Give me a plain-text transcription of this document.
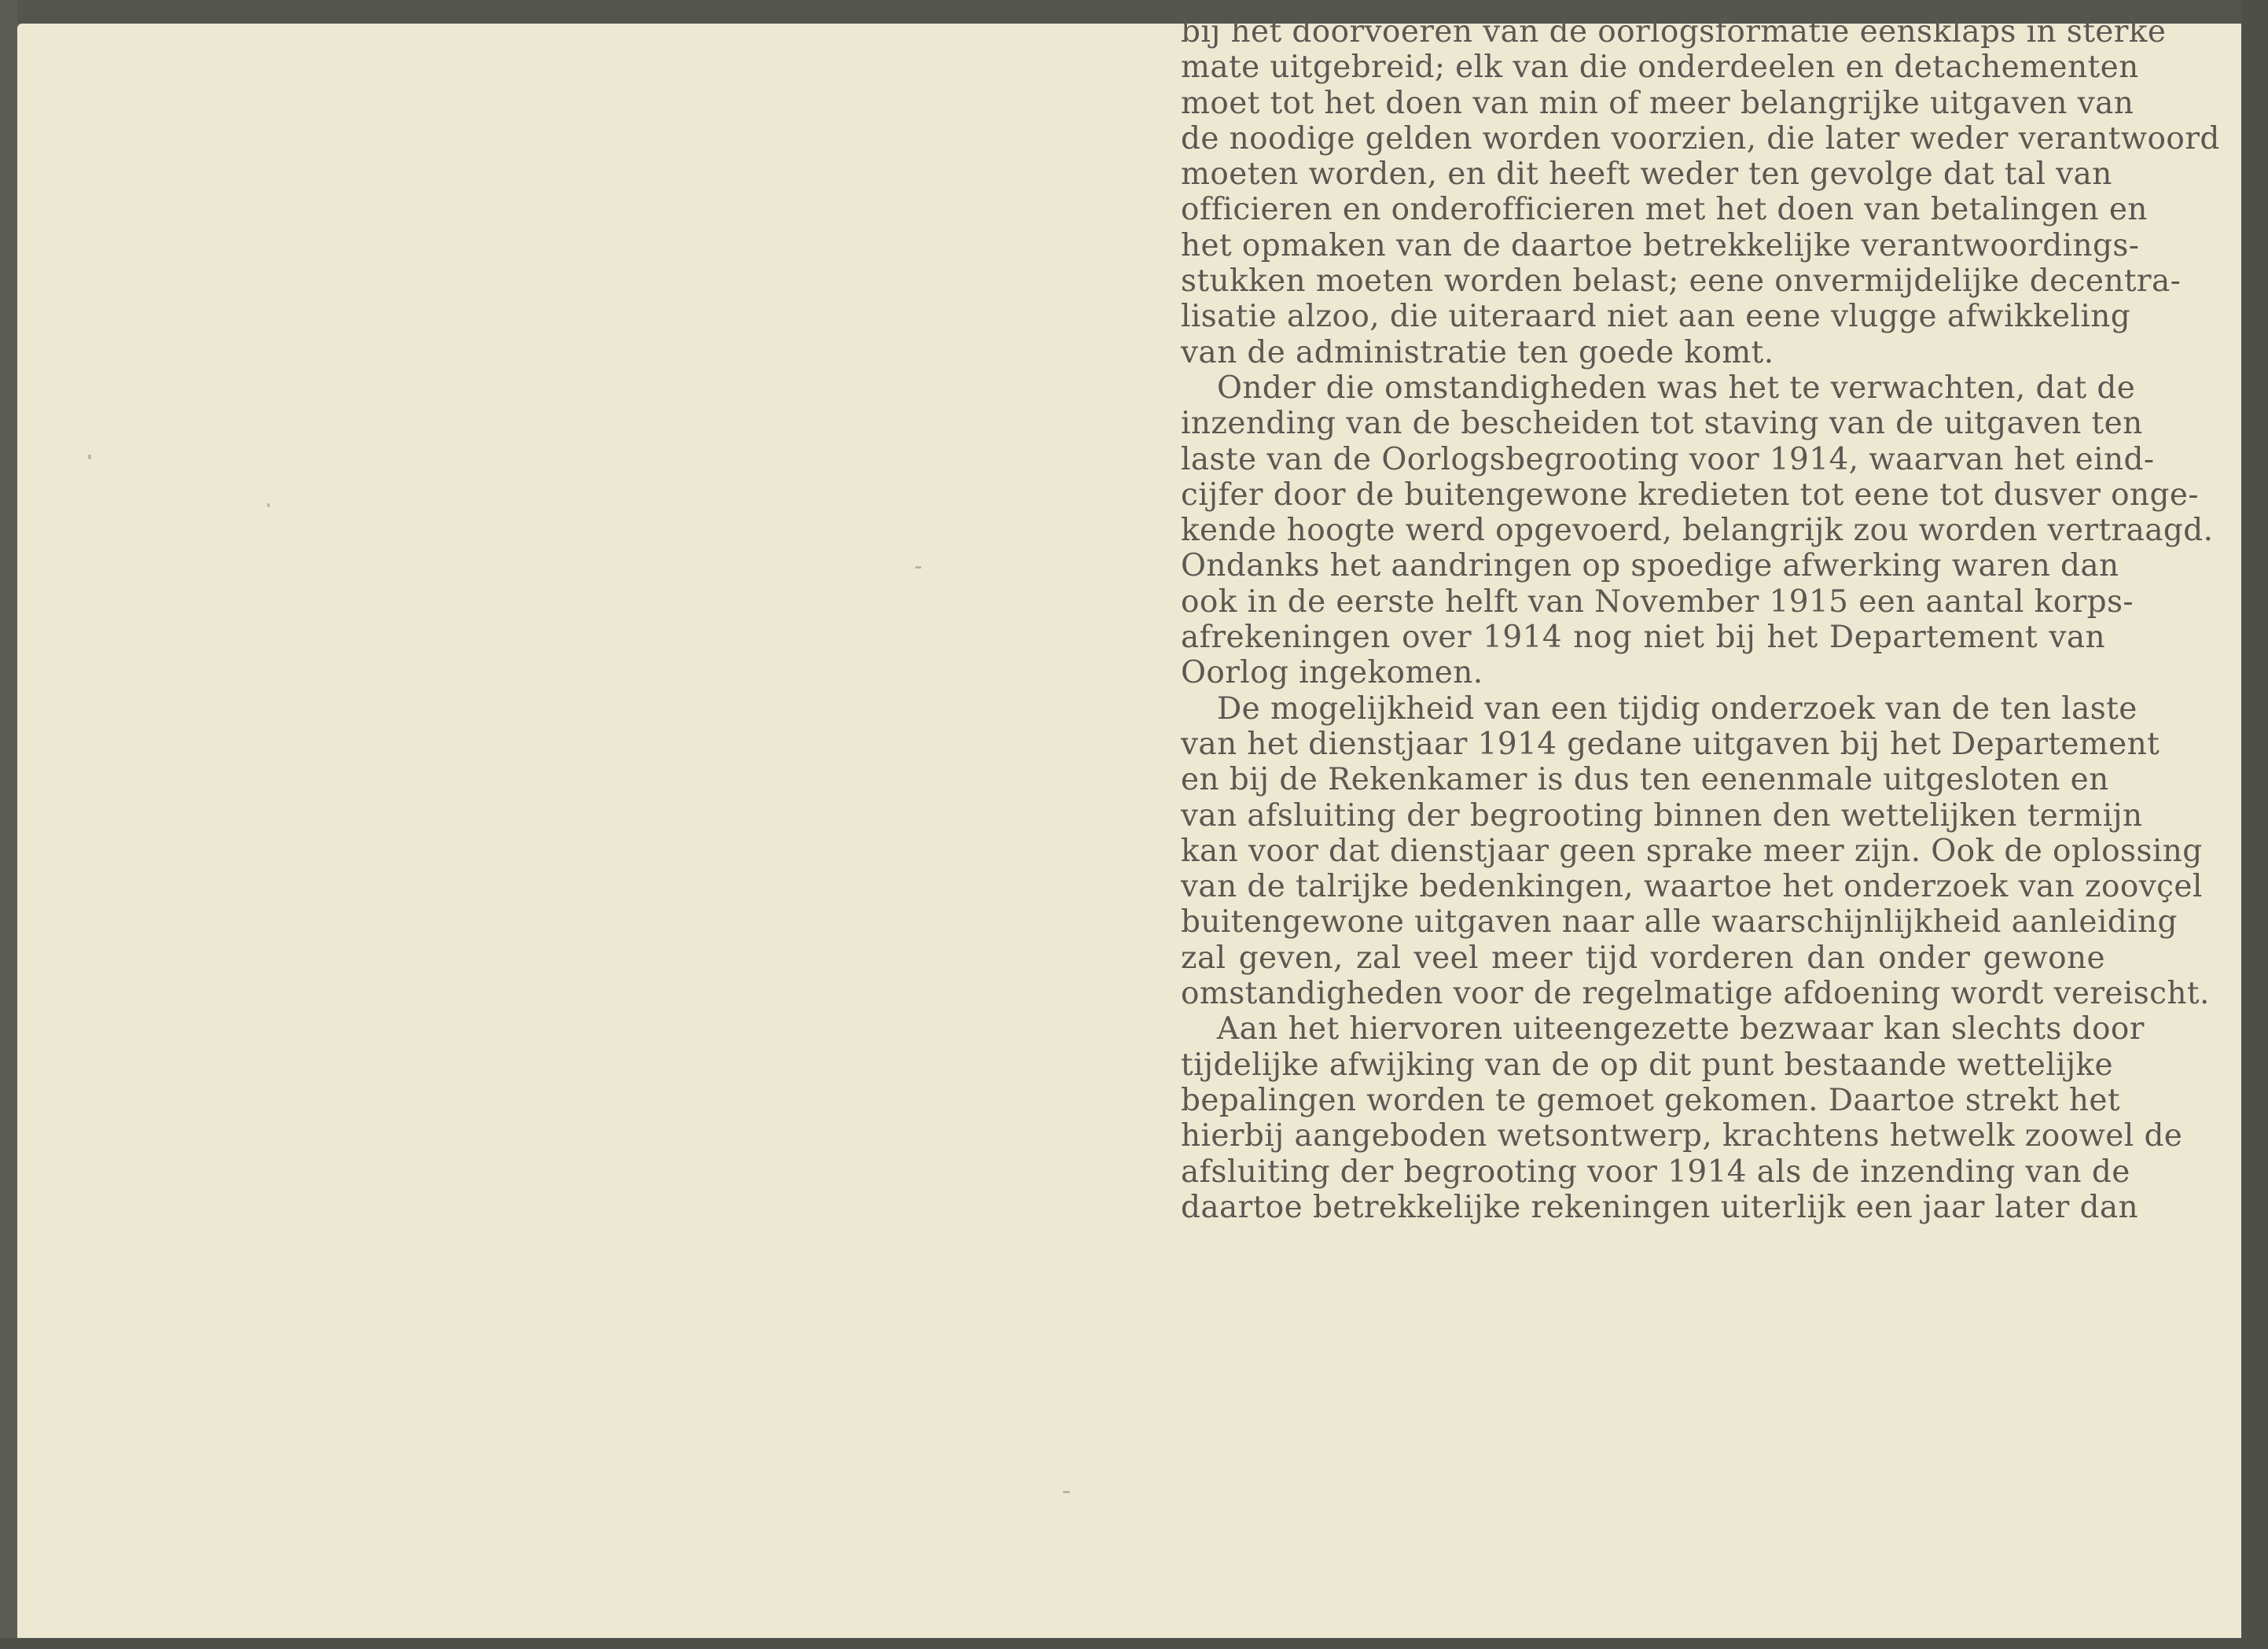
bij het doorvoeren van de oorlogsformatie eensklaps in sterke
mate uitgebreid; elk van die onderdeelen en detachementen
moet tot het doen van min of meer belangrijke uitgaven van
de noodige gelden worden voorzien, die later weder verantwoord
moeten worden, en dit heeft weder ten gevolge dat tal van
officieren en onderofficieren met het doen van betalingen en
het opmaken van de daartoe betrekkelijke verantwoordings-
stukken moeten worden belast; eene onvermijdelijke decentra-
lisatie alzoo, die uiteraard niet aan eene vlugge afwikkeling
van de administratie ten goede komt.

Onder die omstandigheden was het te verwachten, dat de
inzending van de bescheiden tot staving van de uitgaven ten
laste van de Oorlogsbegrooting voor 1914, waarvan het eind-
cijfer door de buitengewone kredieten tot eene tot dusver onge-
kende hoogte werd opgevoerd, belangrijk zou worden vertraagd.
Ondanks het aandringen op spoedige afwerking waren dan
ook in de eerste helft van November 1915 een aantal korps-
afrekeningen over 1914 nog niet bij het Departement van
Oorlog ingekomen.

De mogelijkheid van een tijdig onderzoek van de ten laste
van het dienstjaar 1914 gedane uitgaven bij het Departement
en bij de Rekenkamer is dus ten eenenmale uitgesloten en
van afsluiting der begrooting binnen den wettelijken termijn
kan voor dat dienstjaar geen sprake meer zijn. Ook de oplossing
van de talrijke bedenkingen, waartoe het onderzoek van zoovçel
buitengewone uitgaven naar alle waarschijnlijkheid aanleiding
zal geven, zal veel meer tijd vorderen dan onder gewone
omstandigheden voor de regelmatige afdoening wordt vereischt.

Aan het hiervoren uiteengezette bezwaar kan slechts door
tijdelijke afwijking van de op dit punt bestaande wettelijke
bepalingen worden te gemoet gekomen. Daartoe strekt het
hierbij aangeboden wetsontwerp, krachtens hetwelk zoowel de
afsluiting der begrooting voor 1914 als de inzending van de
daartoe betrekkelijke rekeningen uiterlijk een jaar later dan
